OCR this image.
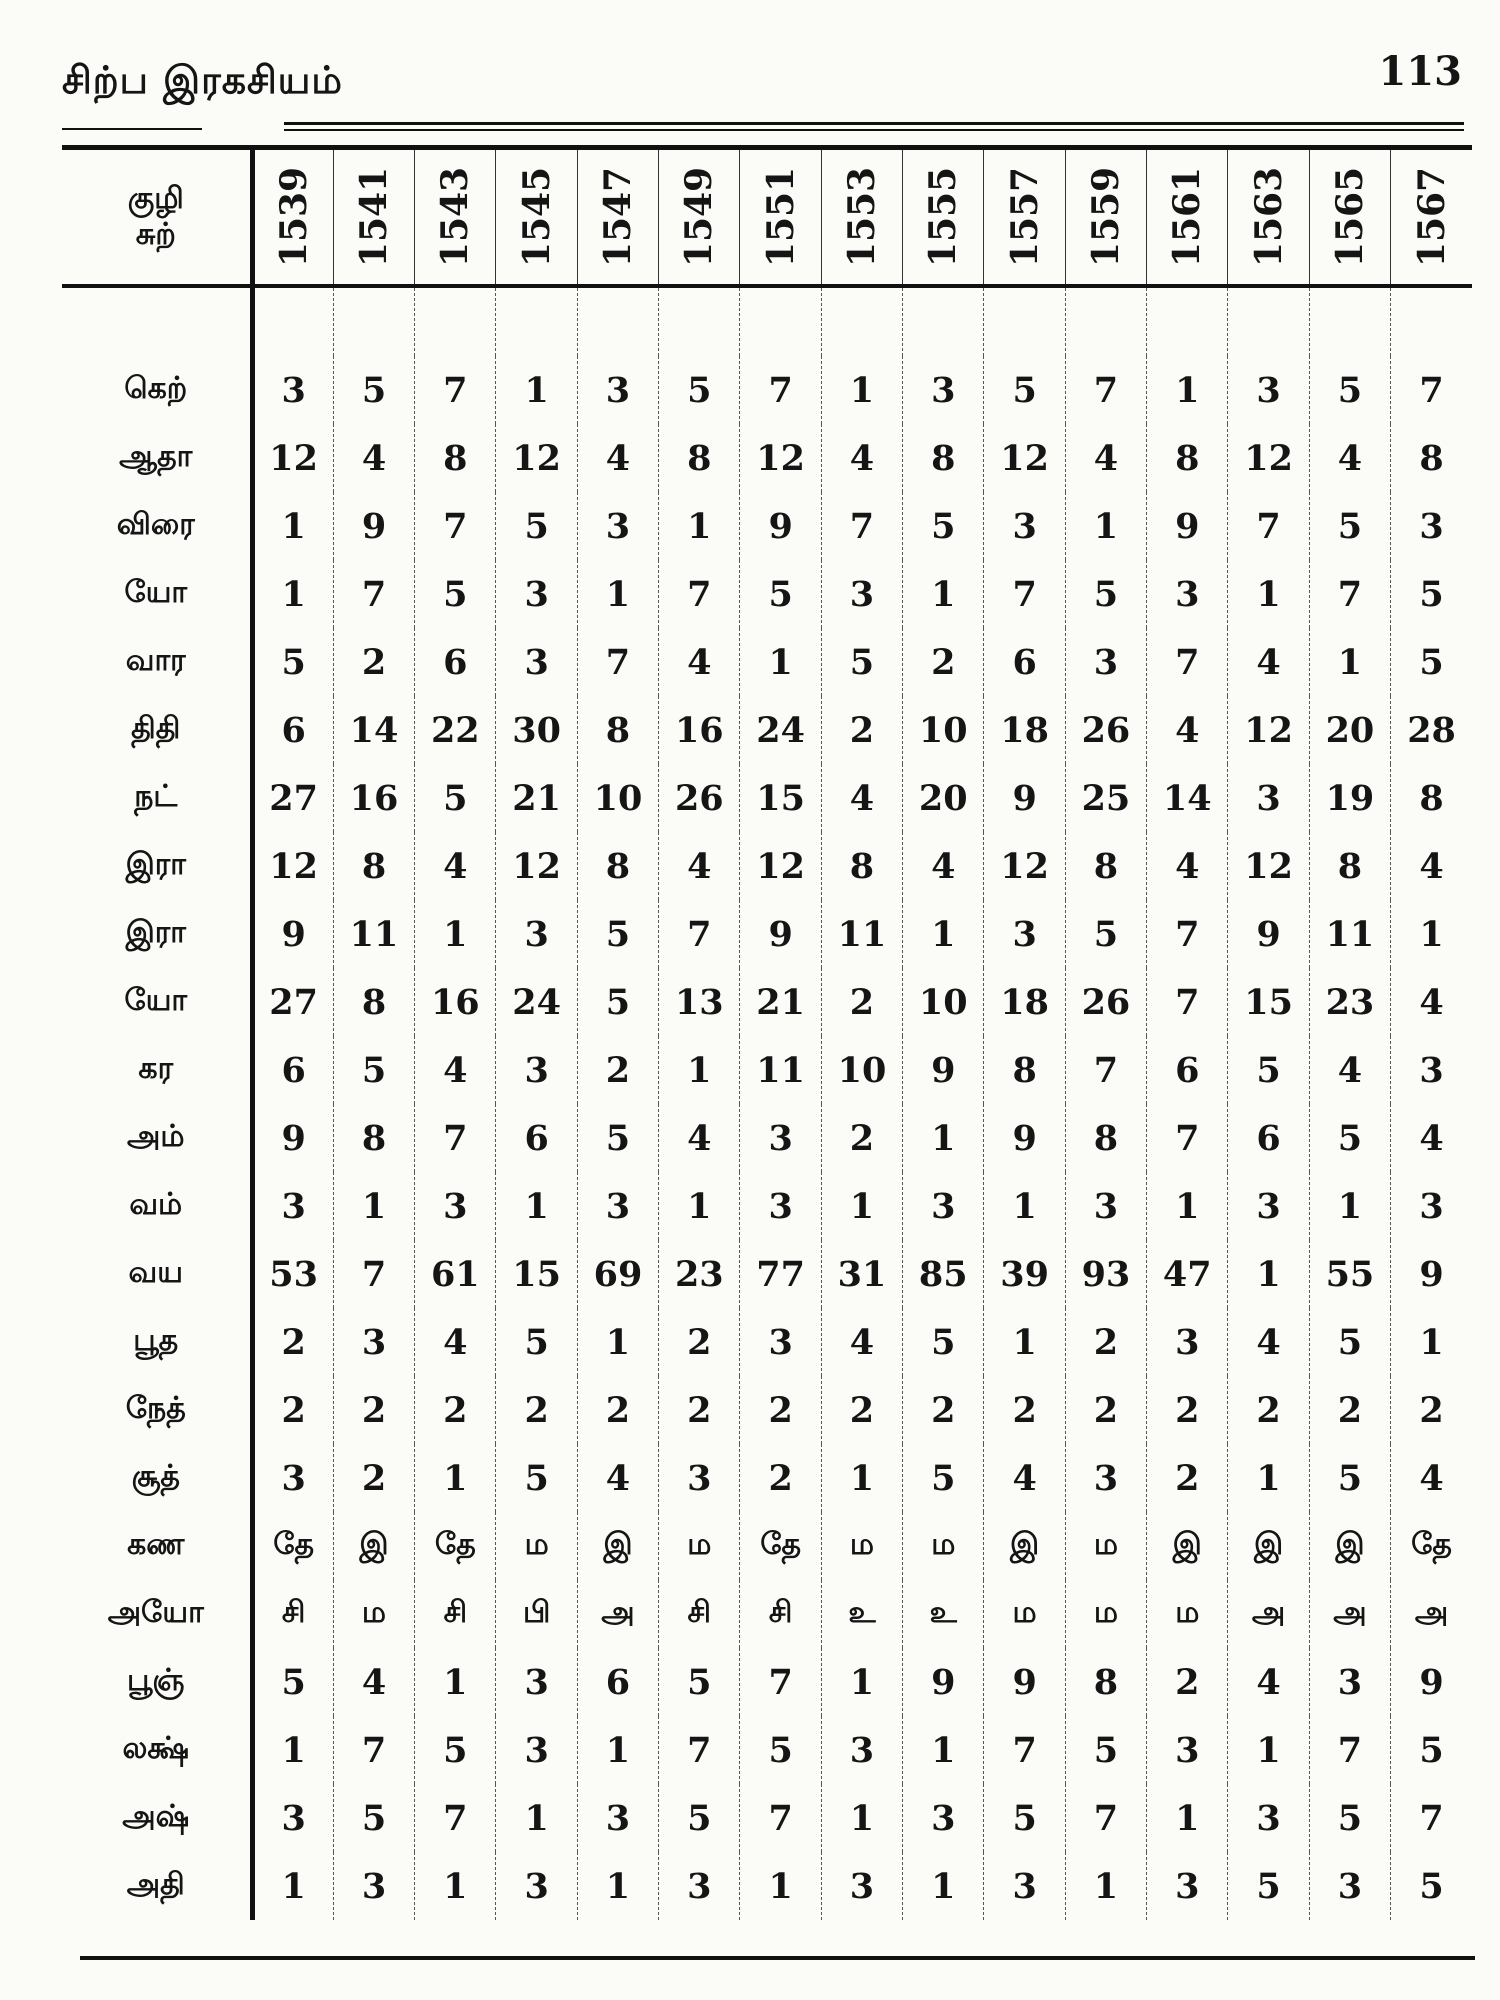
சிற்ப இரகசியம்	113
குழி
சுற்	1539	1541	1543	1545	1547	1549	1551	1553	1555	1557	1559	1561	1563	1565	1567

கெற்	3	5	7	1	3	5	7	1	3	5	7	1	3	5	7
ஆதா	12	4	8	12	4	8	12	4	8	12	4	8	12	4	8
விரை	1	9	7	5	3	1	9	7	5	3	1	9	7	5	3
யோ	1	7	5	3	1	7	5	3	1	7	5	3	1	7	5
வார	5	2	6	3	7	4	1	5	2	6	3	7	4	1	5
திதி	6	14	22	30	8	16	24	2	10	18	26	4	12	20	28
நட்	27	16	5	21	10	26	15	4	20	9	25	14	3	19	8
இரா	12	8	4	12	8	4	12	8	4	12	8	4	12	8	4
இரா	9	11	1	3	5	7	9	11	1	3	5	7	9	11	1
யோ	27	8	16	24	5	13	21	2	10	18	26	7	15	23	4
கர	6	5	4	3	2	1	11	10	9	8	7	6	5	4	3
அம்	9	8	7	6	5	4	3	2	1	9	8	7	6	5	4
வம்	3	1	3	1	3	1	3	1	3	1	3	1	3	1	3
வய	53	7	61	15	69	23	77	31	85	39	93	47	1	55	9
பூத	2	3	4	5	1	2	3	4	5	1	2	3	4	5	1
நேத்	2	2	2	2	2	2	2	2	2	2	2	2	2	2	2
சூத்	3	2	1	5	4	3	2	1	5	4	3	2	1	5	4
கண	தே	இ	தே	ம	இ	ம	தே	ம	ம	இ	ம	இ	இ	இ	தே
அயோ	சி	ம	சி	பி	அ	சி	சி	உ	உ	ம	ம	ம	அ	அ	அ
பூஞ்	5	4	1	3	6	5	7	1	9	9	8	2	4	3	9
லக்ஷ்	1	7	5	3	1	7	5	3	1	7	5	3	1	7	5
அஷ்	3	5	7	1	3	5	7	1	3	5	7	1	3	5	7
அதி	1	3	1	3	1	3	1	3	1	3	1	3	5	3	5
